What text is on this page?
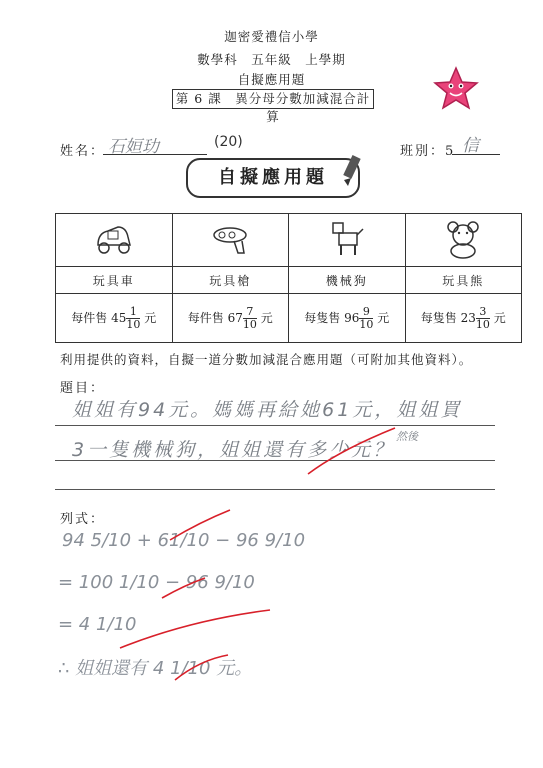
迦密愛禮信小學
數學科　五年級　上學期
自擬應用題
第 6 課　異分母分數加減混合計算
姓名： 石姮玏	(20)
班別：5 信
自擬應用題

玩具車	玩具槍	機械狗	玩具熊
每件售 $45 \frac{1}{10}$ 元	每件售 $67 \frac{7}{10}$ 元	每隻售 $96 \frac{9}{10}$ 元	每隻售 $23 \frac{3}{10}$ 元
利用提供的資料，自擬一道分數加減混合應用題（可附加其他資料）。
題目：
姐姐有94元。媽媽再給她61元，姐姐買
3一隻機械狗，姐姐還有多少元？
然後
列式：
94 5/10 + 61/10 − 96 9/10
= 100 1/10 − 96 9/10
= 4 1/10
∴ 姐姐還有 4 1/10 元。
